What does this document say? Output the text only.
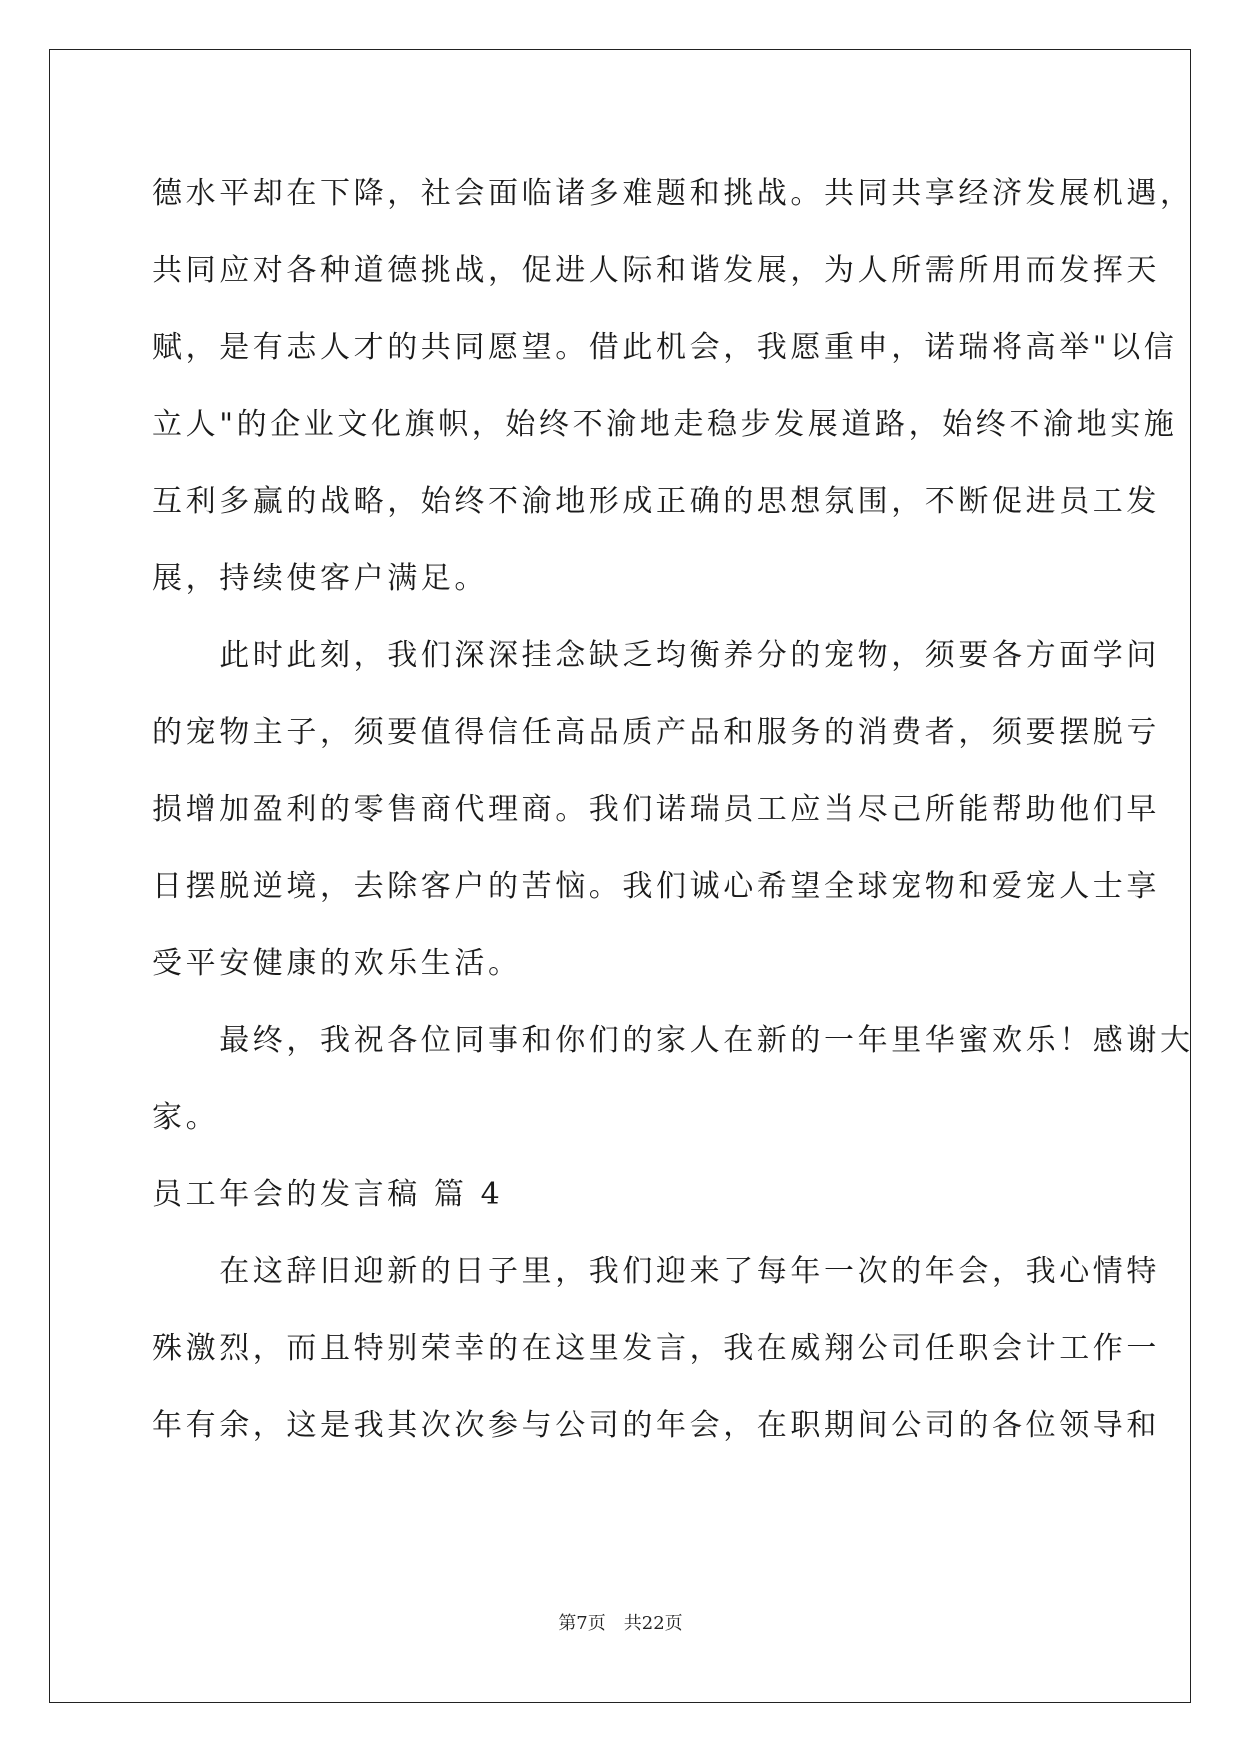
德水平却在下降，社会面临诸多难题和挑战。共同共享经济发展机遇，
共同应对各种道德挑战，促进人际和谐发展，为人所需所用而发挥天
赋，是有志人才的共同愿望。借此机会，我愿重申，诺瑞将高举"以信
立人"的企业文化旗帜，始终不渝地走稳步发展道路，始终不渝地实施
互利多赢的战略，始终不渝地形成正确的思想氛围，不断促进员工发
展，持续使客户满足。
　　此时此刻，我们深深挂念缺乏均衡养分的宠物，须要各方面学问
的宠物主子，须要值得信任高品质产品和服务的消费者，须要摆脱亏
损增加盈利的零售商代理商。我们诺瑞员工应当尽己所能帮助他们早
日摆脱逆境，去除客户的苦恼。我们诚心希望全球宠物和爱宠人士享
受平安健康的欢乐生活。
　　最终，我祝各位同事和你们的家人在新的一年里华蜜欢乐！感谢大
家。
员工年会的发言稿 篇 4
　　在这辞旧迎新的日子里，我们迎来了每年一次的年会，我心情特
殊激烈，而且特别荣幸的在这里发言，我在威翔公司任职会计工作一
年有余，这是我其次次参与公司的年会，在职期间公司的各位领导和
第7页　共22页
